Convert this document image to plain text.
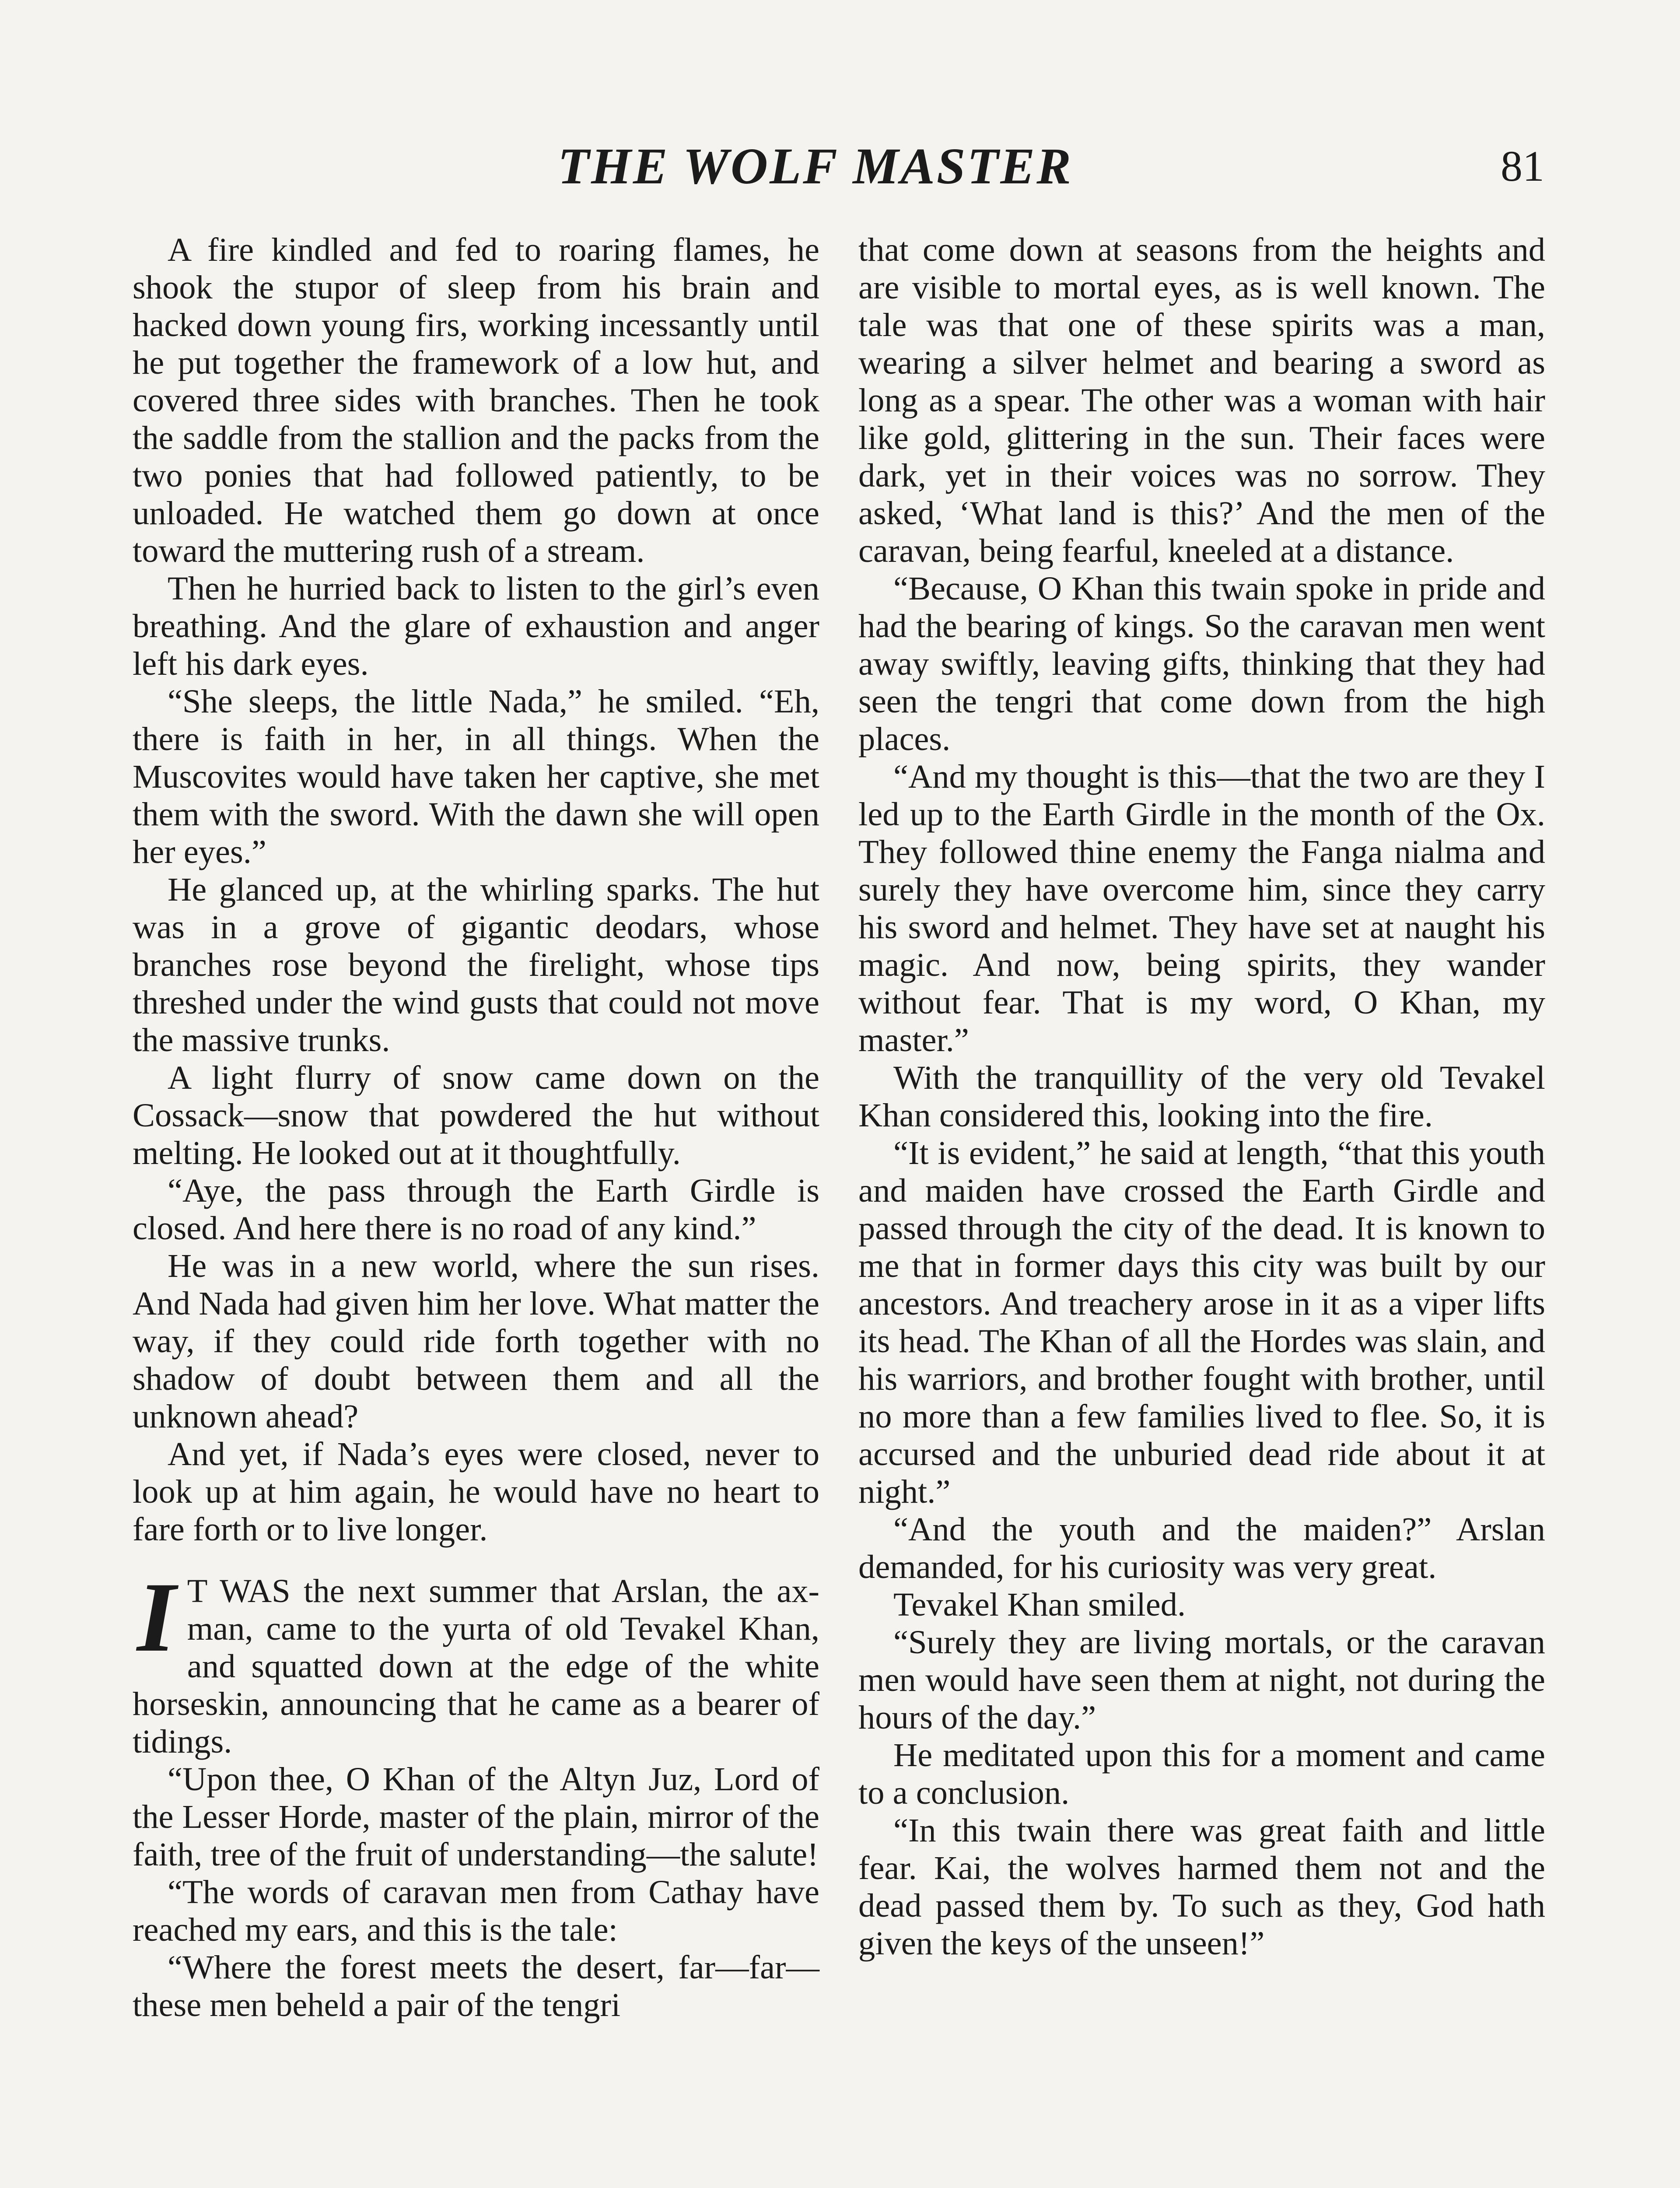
THE WOLF MASTER	81

A fire kindled and fed to roaring flames, he shook the stupor of sleep from his brain and hacked down young firs, working incessantly until he put together the framework of a low hut, and covered three sides with branches. Then he took the saddle from the stallion and the packs from the two ponies that had followed patiently, to be unloaded. He watched them go down at once toward the muttering rush of a stream.

Then he hurried back to listen to the girl’s even breathing. And the glare of exhaustion and anger left his dark eyes.

“She sleeps, the little Nada,” he smiled. “Eh, there is faith in her, in all things. When the Muscovites would have taken her captive, she met them with the sword. With the dawn she will open her eyes.”

He glanced up, at the whirling sparks. The hut was in a grove of gigantic deodars, whose branches rose beyond the firelight, whose tips threshed under the wind gusts that could not move the massive trunks.

A light flurry of snow came down on the Cossack—snow that powdered the hut without melting. He looked out at it thoughtfully.

“Aye, the pass through the Earth Girdle is closed. And here there is no road of any kind.”

He was in a new world, where the sun rises. And Nada had given him her love. What matter the way, if they could ride forth together with no shadow of doubt between them and all the unknown ahead?

And yet, if Nada’s eyes were closed, never to look up at him again, he would have no heart to fare forth or to live longer.

I T WAS the next summer that Arslan, the ax-man, came to the yurta of old Tevakel Khan, and squatted down at the edge of the white horseskin, announcing that he came as a bearer of tidings.

“Upon thee, O Khan of the Altyn Juz, Lord of the Lesser Horde, master of the plain, mirror of the faith, tree of the fruit of understanding—the salute!

“The words of caravan men from Cathay have reached my ears, and this is the tale:

“Where the forest meets the desert, far—far—these men beheld a pair of the tengri

that come down at seasons from the heights and are visible to mortal eyes, as is well known. The tale was that one of these spirits was a man, wearing a silver helmet and bearing a sword as long as a spear. The other was a woman with hair like gold, glittering in the sun. Their faces were dark, yet in their voices was no sorrow. They asked, ‘What land is this?’ And the men of the caravan, being fearful, kneeled at a distance.

“Because, O Khan this twain spoke in pride and had the bearing of kings. So the caravan men went away swiftly, leaving gifts, thinking that they had seen the tengri that come down from the high places.

“And my thought is this—that the two are they I led up to the Earth Girdle in the month of the Ox. They followed thine enemy the Fanga nialma and surely they have overcome him, since they carry his sword and helmet. They have set at naught his magic. And now, being spirits, they wander without fear. That is my word, O Khan, my master.”

With the tranquillity of the very old Tevakel Khan considered this, looking into the fire.

“It is evident,” he said at length, “that this youth and maiden have crossed the Earth Girdle and passed through the city of the dead. It is known to me that in former days this city was built by our ancestors. And treachery arose in it as a viper lifts its head. The Khan of all the Hordes was slain, and his warriors, and brother fought with brother, until no more than a few families lived to flee. So, it is accursed and the unburied dead ride about it at night.”

“And the youth and the maiden?” Arslan demanded, for his curiosity was very great.

Tevakel Khan smiled.

“Surely they are living mortals, or the caravan men would have seen them at night, not during the hours of the day.”

He meditated upon this for a moment and came to a conclusion.

“In this twain there was great faith and little fear. Kai, the wolves harmed them not and the dead passed them by. To such as they, God hath given the keys of the unseen!”
